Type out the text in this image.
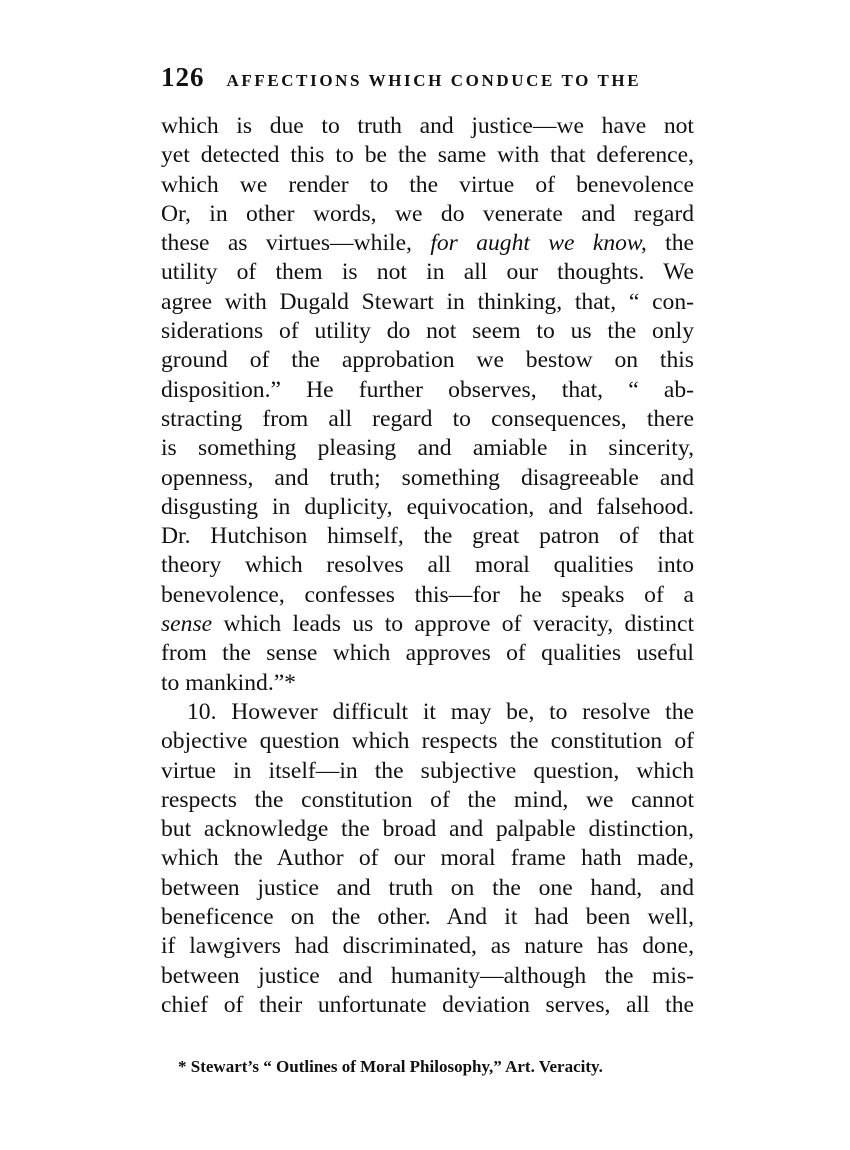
126 AFFECTIONS WHICH CONDUCE TO THE
which is due to truth and justice—we have not
yet detected this to be the same with that deference,
which we render to the virtue of benevolence
Or, in other words, we do venerate and regard
these as virtues—while, for aught we know, the
utility of them is not in all our thoughts. We
agree with Dugald Stewart in thinking, that, “ con-
siderations of utility do not seem to us the only
ground of the approbation we bestow on this
disposition.” He further observes, that, “ ab-
stracting from all regard to consequences, there
is something pleasing and amiable in sincerity,
openness, and truth; something disagreeable and
disgusting in duplicity, equivocation, and falsehood.
Dr. Hutchison himself, the great patron of that
theory which resolves all moral qualities into
benevolence, confesses this—for he speaks of a
sense which leads us to approve of veracity, distinct
from the sense which approves of qualities useful
to mankind.”*
10. However difficult it may be, to resolve the
objective question which respects the constitution of
virtue in itself—in the subjective question, which
respects the constitution of the mind, we cannot
but acknowledge the broad and palpable distinction,
which the Author of our moral frame hath made,
between justice and truth on the one hand, and
beneficence on the other. And it had been well,
if lawgivers had discriminated, as nature has done,
between justice and humanity—although the mis-
chief of their unfortunate deviation serves, all the
* Stewart’s “ Outlines of Moral Philosophy,” Art. Veracity.
